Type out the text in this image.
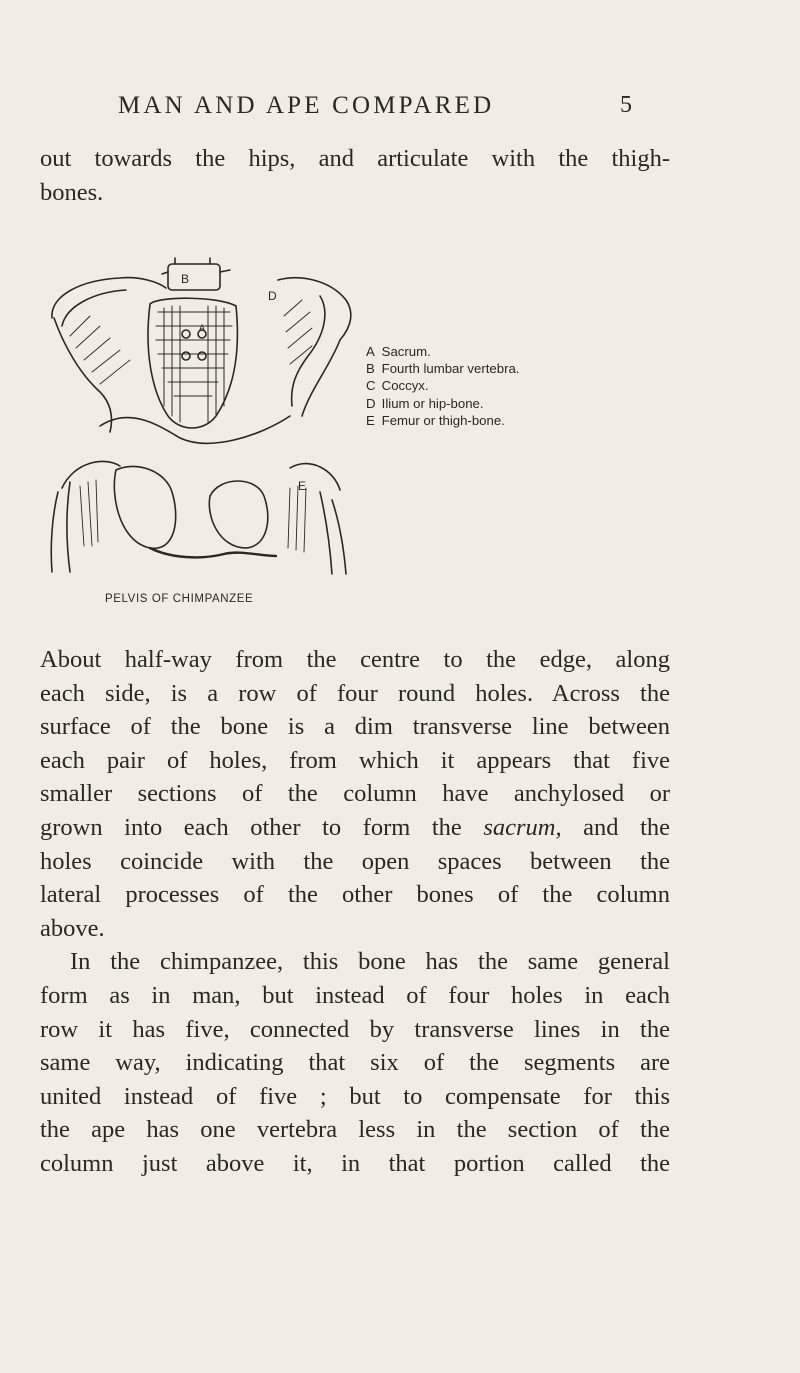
MAN AND APE COMPARED	5
out towards the hips, and articulate with the thigh-
bones.
B
A
D
E
A Sacrum.
B Fourth lumbar vertebra.
C Coccyx.
D Ilium or hip-bone.
E Femur or thigh-bone.
PELVIS OF CHIMPANZEE

About half-way from the centre to the edge, along
each side, is a row of four round holes. Across the
surface of the bone is a dim transverse line between
each pair of holes, from which it appears that five
smaller sections of the column have anchylosed or
grown into each other to form the sacrum, and the
holes coincide with the open spaces between the
lateral processes of the other bones of the column
above.

In the chimpanzee, this bone has the same general
form as in man, but instead of four holes in each
row it has five, connected by transverse lines in the
same way, indicating that six of the segments are
united instead of five ; but to compensate for this
the ape has one vertebra less in the section of the
column just above it, in that portion called the
